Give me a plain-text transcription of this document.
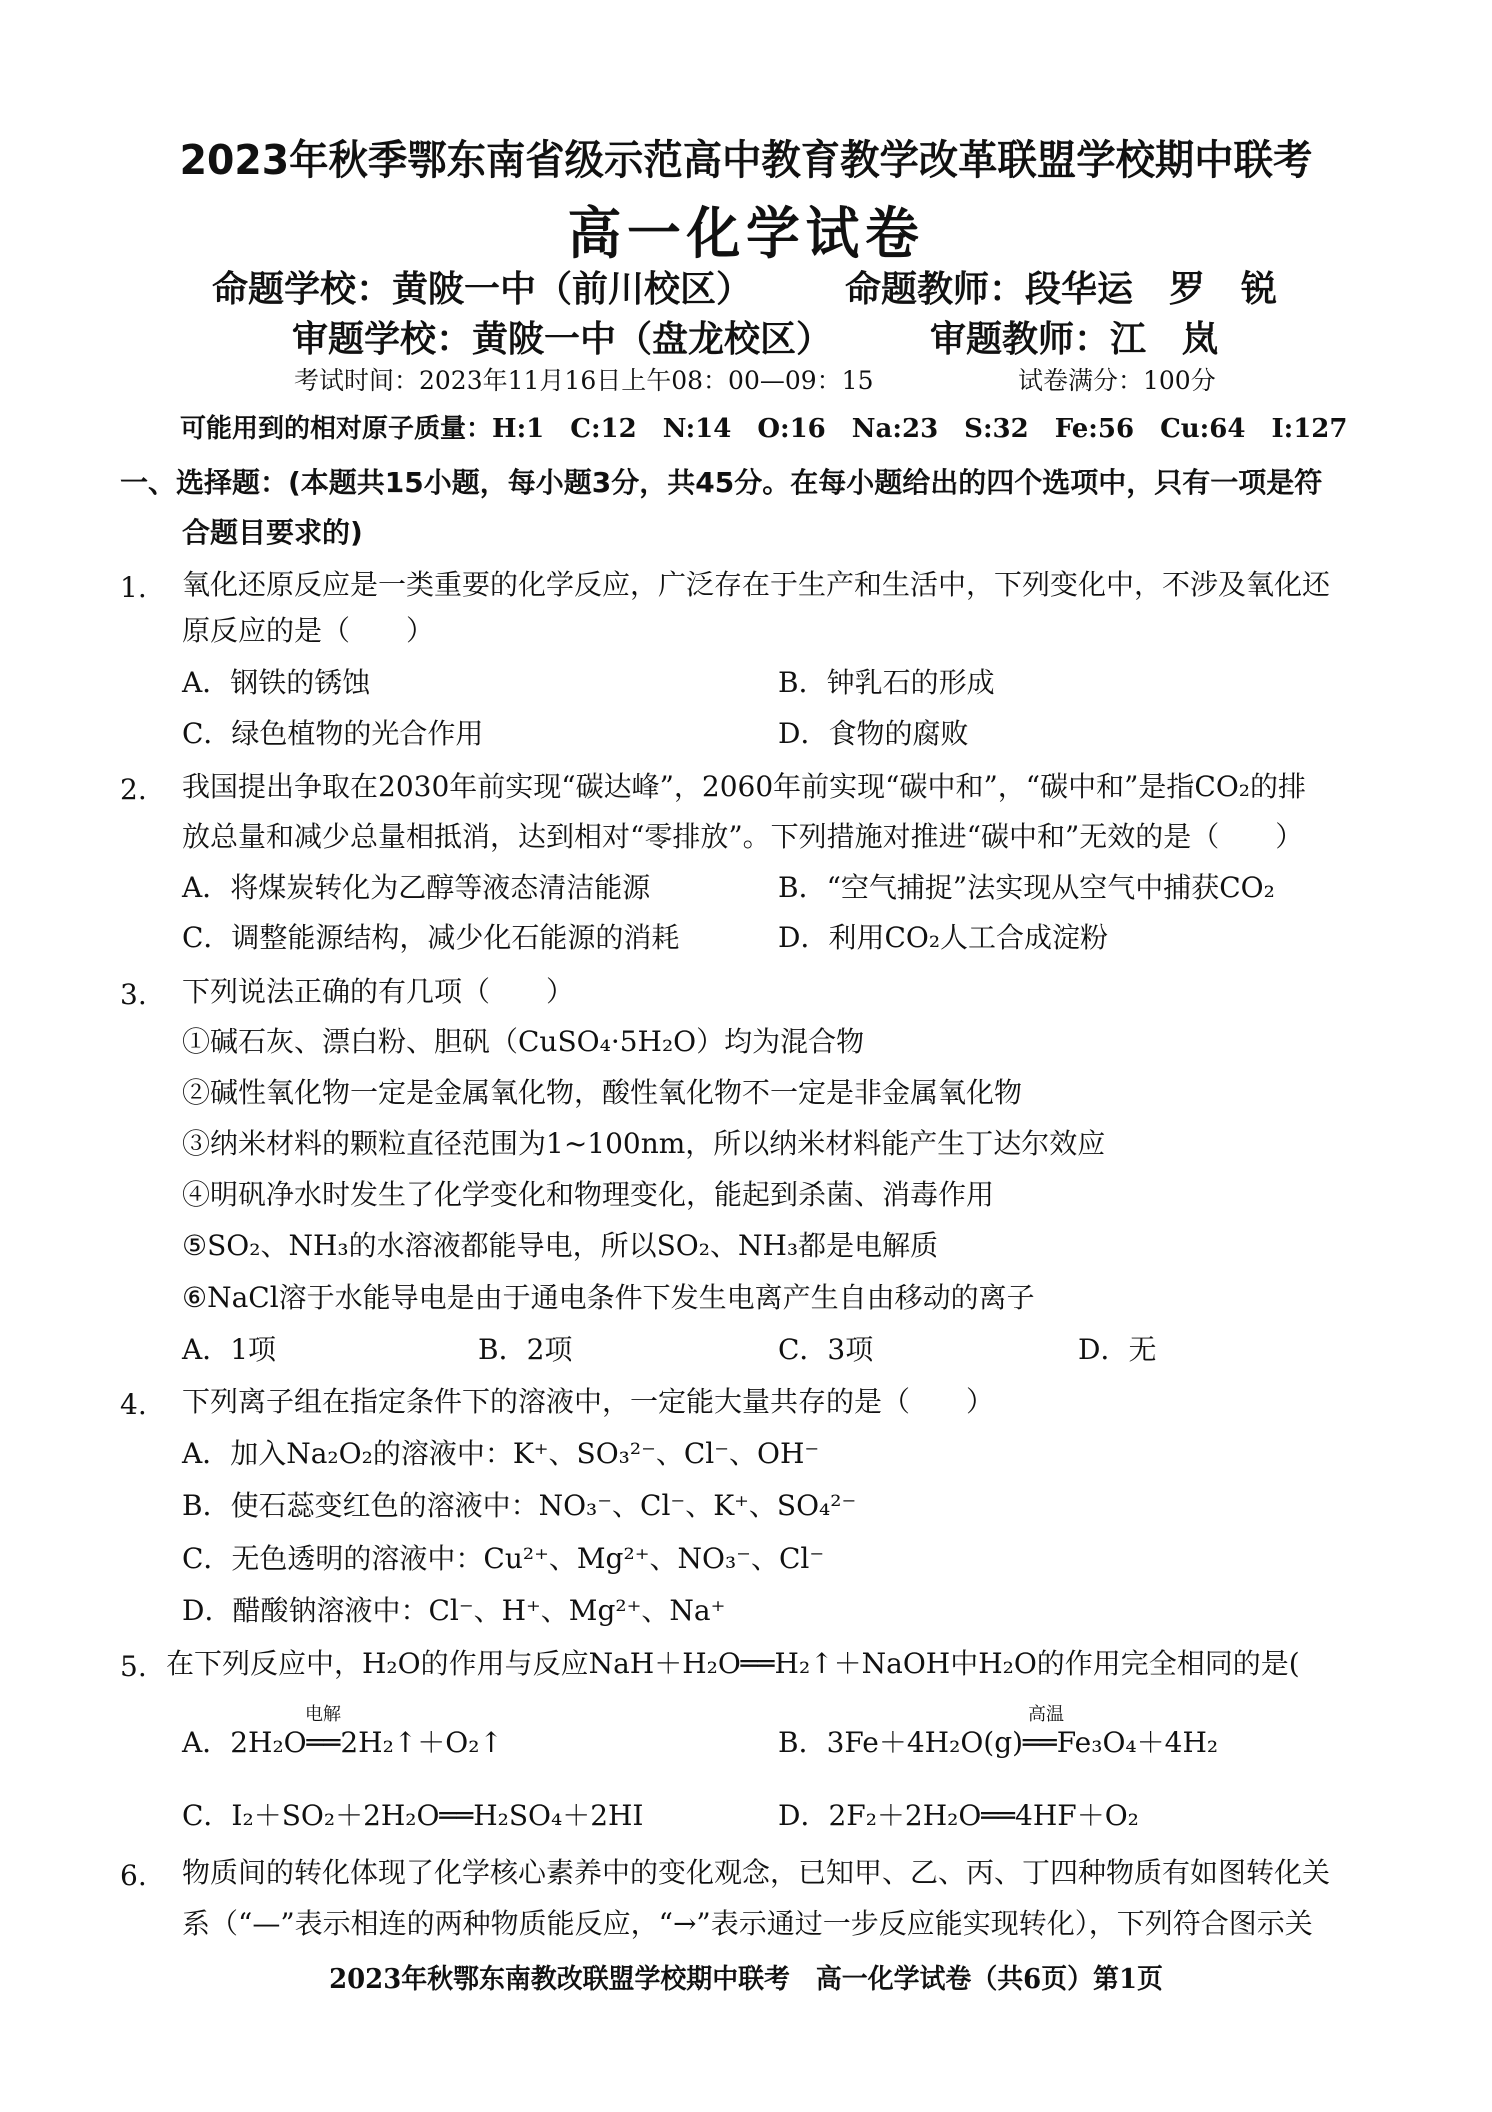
2023年秋季鄂东南省级示范高中教育教学改革联盟学校期中联考
高一化学试卷
命题学校：黄陂一中（前川校区）	命题教师：段华运　罗　锐
审题学校：黄陂一中（盘龙校区）	审题教师：江　岚
考试时间：2023年11月16日上午08：00—09：15	试卷满分：100分
可能用到的相对原子质量：H:1　C:12　N:14　O:16　Na:23　S:32　Fe:56　Cu:64　I:127
一、选择题：(本题共15小题，每小题3分，共45分。在每小题给出的四个选项中，只有一项是符
合题目要求的)
1. 氧化还原反应是一类重要的化学反应，广泛存在于生产和生活中，下列变化中，不涉及氧化还
原反应的是（　　）
A．钢铁的锈蚀	B．钟乳石的形成
C．绿色植物的光合作用	D．食物的腐败
2. 我国提出争取在2030年前实现“碳达峰”，2060年前实现“碳中和”，“碳中和”是指CO₂的排
放总量和减少总量相抵消，达到相对“零排放”。下列措施对推进“碳中和”无效的是（　　）
A．将煤炭转化为乙醇等液态清洁能源	B．“空气捕捉”法实现从空气中捕获CO₂
C．调整能源结构，减少化石能源的消耗	D．利用CO₂人工合成淀粉
3. 下列说法正确的有几项（　　）
①碱石灰、漂白粉、胆矾（CuSO₄·5H₂O）均为混合物
②碱性氧化物一定是金属氧化物，酸性氧化物不一定是非金属氧化物
③纳米材料的颗粒直径范围为1~100nm，所以纳米材料能产生丁达尔效应
④明矾净水时发生了化学变化和物理变化，能起到杀菌、消毒作用
⑤SO₂、NH₃的水溶液都能导电，所以SO₂、NH₃都是电解质
⑥NaCl溶于水能导电是由于通电条件下发生电离产生自由移动的离子
A．1项	B．2项	C．3项	D．无
4. 下列离子组在指定条件下的溶液中，一定能大量共存的是（　　）
A．加入Na₂O₂的溶液中：K⁺、SO₃²⁻、Cl⁻、OH⁻
B．使石蕊变红色的溶液中：NO₃⁻、Cl⁻、K⁺、SO₄²⁻
C．无色透明的溶液中：Cu²⁺、Mg²⁺、NO₃⁻、Cl⁻
D．醋酸钠溶液中：Cl⁻、H⁺、Mg²⁺、Na⁺
5. 在下列反应中，H₂O的作用与反应NaH＋H₂O══H₂↑＋NaOH中H₂O的作用完全相同的是(
电解
A．2H₂O══2H₂↑＋O₂↑
高温
B．3Fe＋4H₂O(g)══Fe₃O₄＋4H₂
C．I₂＋SO₂＋2H₂O══H₂SO₄＋2HI	D．2F₂＋2H₂O══4HF＋O₂
6. 物质间的转化体现了化学核心素养中的变化观念，已知甲、乙、丙、丁四种物质有如图转化关
系（“—”表示相连的两种物质能反应，“→”表示通过一步反应能实现转化），下列符合图示关
2023年秋鄂东南教改联盟学校期中联考　高一化学试卷（共6页）第1页
